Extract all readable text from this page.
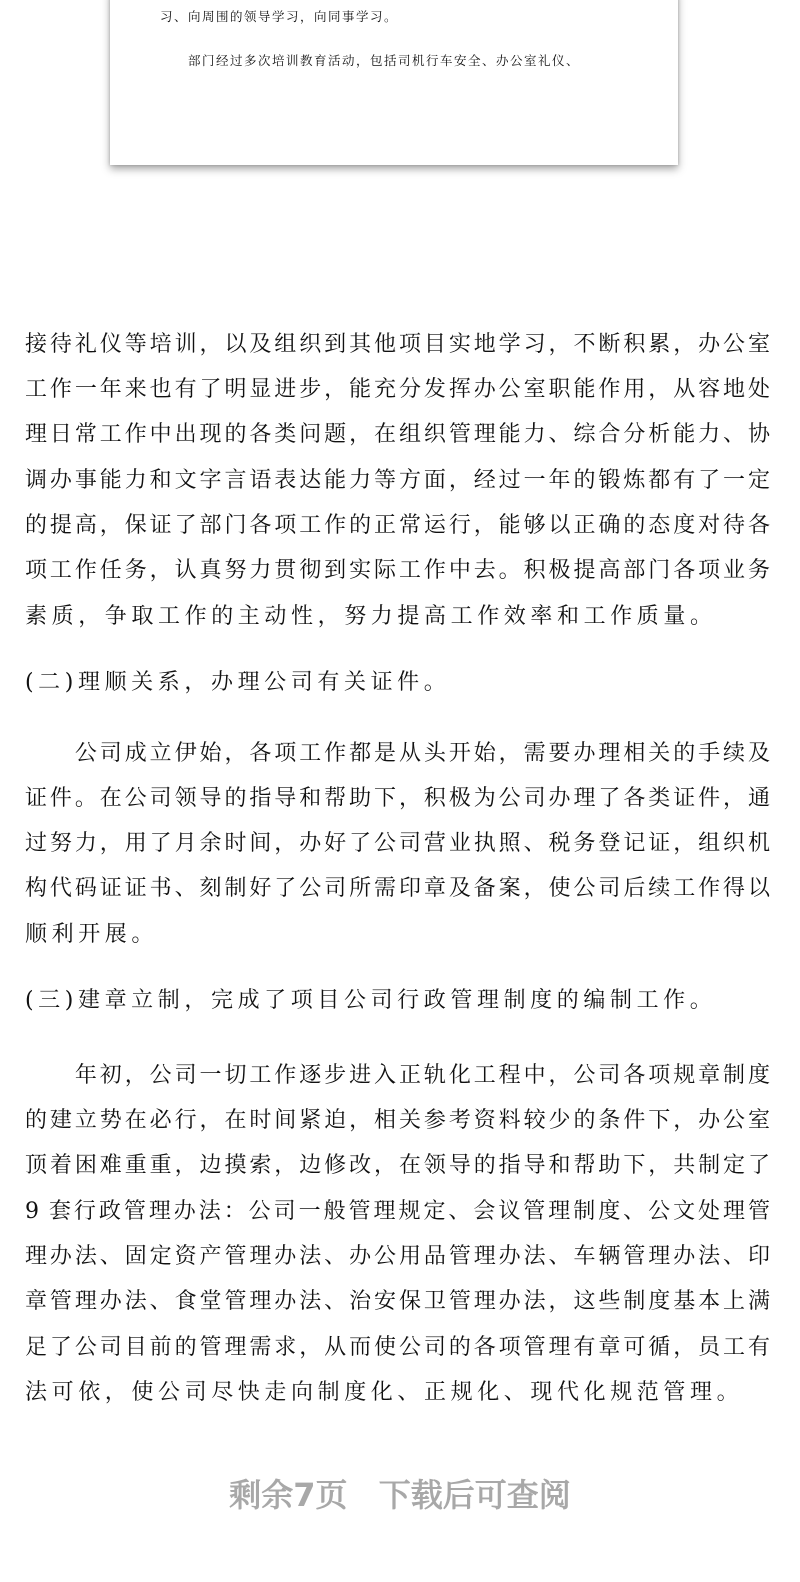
习、向周围的领导学习，向同事学习。
部门经过多次培训教育活动，包括司机行车安全、办公室礼仪、
接待礼仪等培训，以及组织到其他项目实地学习，不断积累，办公室
工作一年来也有了明显进步，能充分发挥办公室职能作用，从容地处
理日常工作中出现的各类问题，在组织管理能力、综合分析能力、协
调办事能力和文字言语表达能力等方面，经过一年的锻炼都有了一定
的提高，保证了部门各项工作的正常运行，能够以正确的态度对待各
项工作任务，认真努力贯彻到实际工作中去。积极提高部门各项业务
素质，争取工作的主动性，努力提高工作效率和工作质量。
(二)理顺关系，办理公司有关证件。
　　公司成立伊始，各项工作都是从头开始，需要办理相关的手续及
证件。在公司领导的指导和帮助下，积极为公司办理了各类证件，通
过努力，用了月余时间，办好了公司营业执照、税务登记证，组织机
构代码证证书、刻制好了公司所需印章及备案，使公司后续工作得以
顺利开展。
(三)建章立制，完成了项目公司行政管理制度的编制工作。
　　年初，公司一切工作逐步进入正轨化工程中，公司各项规章制度
的建立势在必行，在时间紧迫，相关参考资料较少的条件下，办公室
顶着困难重重，边摸索，边修改，在领导的指导和帮助下，共制定了
9 套行政管理办法：公司一般管理规定、会议管理制度、公文处理管
理办法、固定资产管理办法、办公用品管理办法、车辆管理办法、印
章管理办法、食堂管理办法、治安保卫管理办法，这些制度基本上满
足了公司目前的管理需求，从而使公司的各项管理有章可循，员工有
法可依，使公司尽快走向制度化、正规化、现代化规范管理。
剩余7页 下载后可查阅
